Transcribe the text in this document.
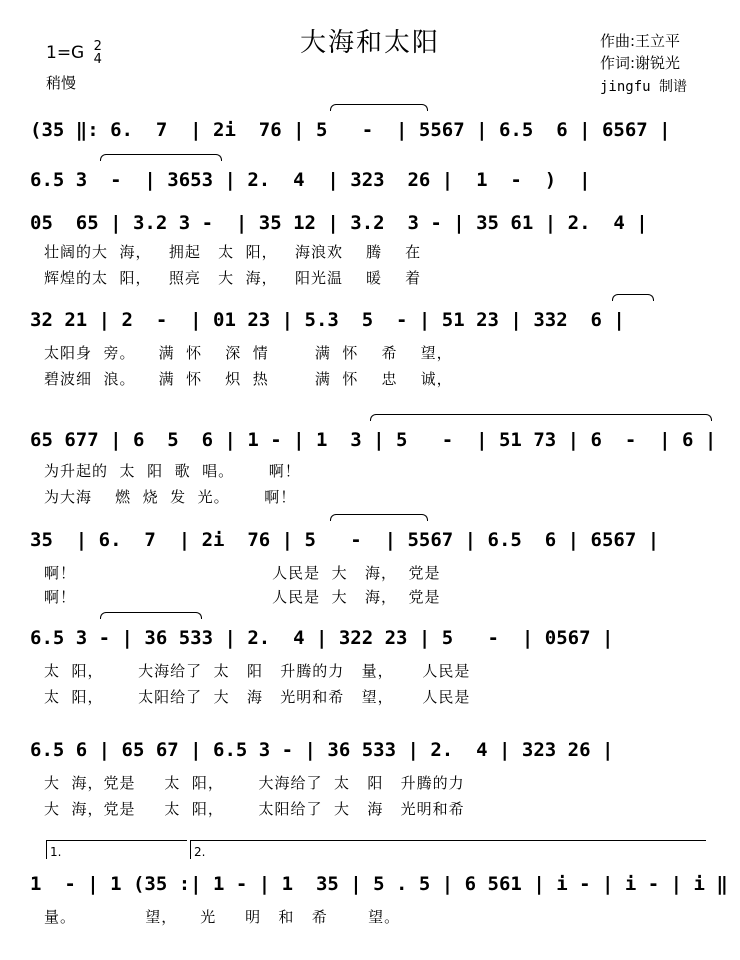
大海和太阳
1=G 2
4
稍慢
作曲:王立平
作词:谢锐光
jingfu 制谱
(35 ‖: 6.  7  | 2i  76 | 5   -  | 5567 | 6.5  6 | 6567 |
6.5 3  -  | 3653 | 2.  4  | 323  26 |  1  -  )  |
05  65 | 3.2 3 -  | 35 12 | 3.2  3 - | 35 61 | 2.  4 |
壮阔的大  海，   拥起   太  阳，   海浪欢    腾    在
辉煌的太  阳，   照亮   大  海，   阳光温    暖    着
32 21 | 2  -  | 01 23 | 5.3  5  - | 51 23 | 332  6 |
太阳身  旁。    满  怀    深  情        满  怀    希    望，
碧波细  浪。    满  怀    炽  热        满  怀    忠    诚，
65 677 | 6  5  6 | 1 - | 1  3 | 5   -  | 51 73 | 6  -  | 6 |
为升起的  太  阳  歌  唱。      啊！
为大海    燃  烧  发  光。      啊！
35  | 6.  7  | 2i  76 | 5   -  | 5567 | 6.5  6 | 6567 |
啊！                                  人民是  大   海，  党是
啊！                                  人民是  大   海，  党是
6.5 3 - | 36 533 | 2.  4 | 322 23 | 5   -  | 0567 |
太  阳，      大海给了  太   阳   升腾的力   量，     人民是
太  阳，      太阳给了  大   海   光明和希   望，     人民是
6.5 6 | 65 67 | 6.5 3 - | 36 533 | 2.  4 | 323 26 |
大  海，党是     太  阳，      大海给了  太   阳   升腾的力
大  海，党是     太  阳，      太阳给了  大   海   光明和希
1.	2.
1  - | 1 (35 :| 1 - | 1  35 | 5 . 5 | 6 561 | i - | i - | i ‖
量。            望，    光     明   和   希       望。
